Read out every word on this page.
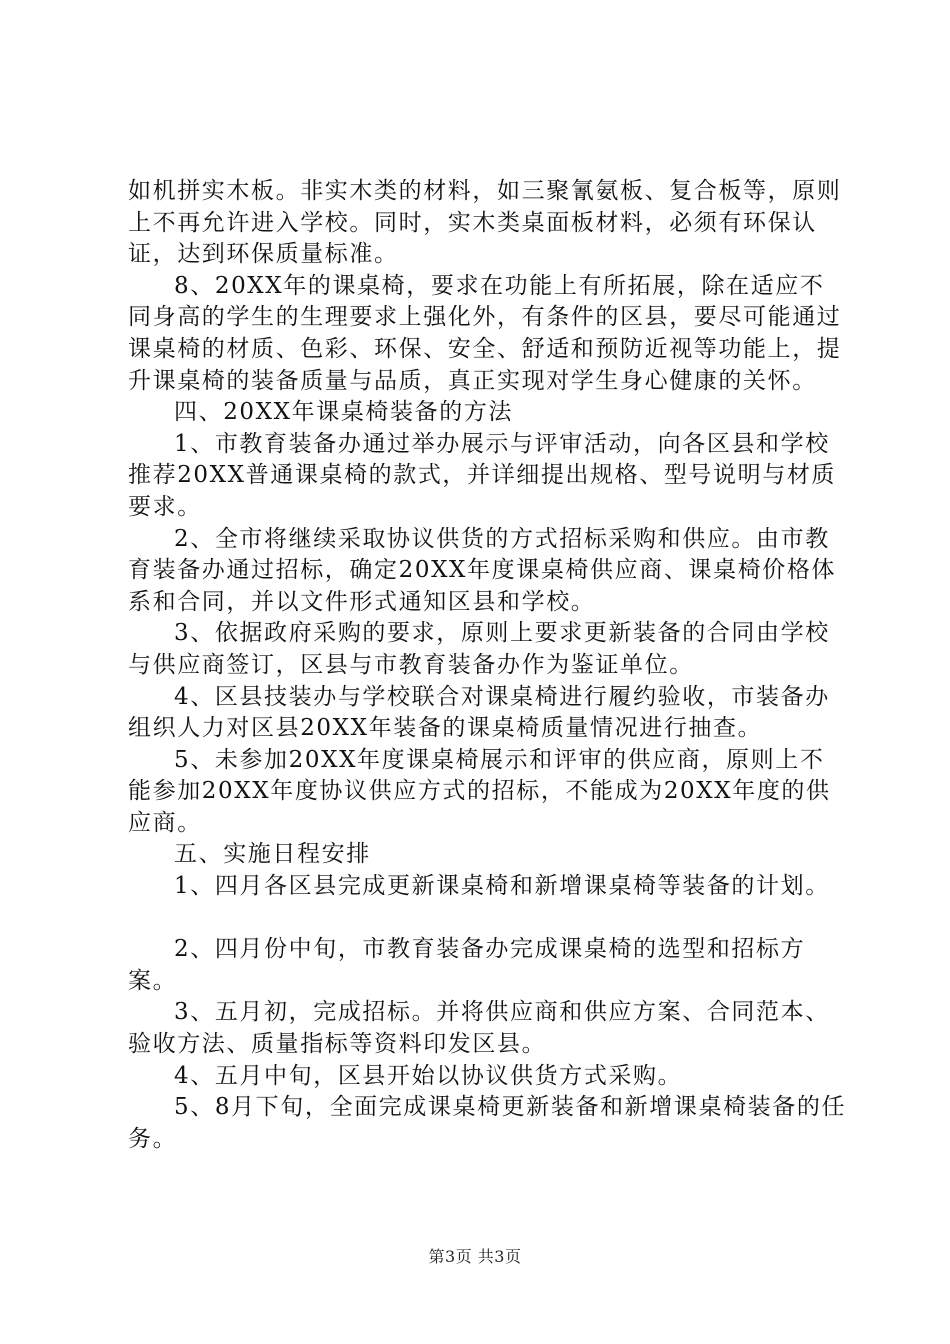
如机拼实木板。非实木类的材料，如三聚氰氨板、复合板等，原则上不再允许进入学校。同时，实木类桌面板材料，必须有环保认证，达到环保质量标准。

8、20XX年的课桌椅，要求在功能上有所拓展，除在适应不同身高的学生的生理要求上强化外，有条件的区县，要尽可能通过课桌椅的材质、色彩、环保、安全、舒适和预防近视等功能上，提升课桌椅的装备质量与品质，真正实现对学生身心健康的关怀。

四、20XX年课桌椅装备的方法

1、市教育装备办通过举办展示与评审活动，向各区县和学校推荐20XX普通课桌椅的款式，并详细提出规格、型号说明与材质要求。

2、全市将继续采取协议供货的方式招标采购和供应。由市教育装备办通过招标，确定20XX年度课桌椅供应商、课桌椅价格体系和合同，并以文件形式通知区县和学校。

3、依据政府采购的要求，原则上要求更新装备的合同由学校与供应商签订，区县与市教育装备办作为鉴证单位。

4、区县技装办与学校联合对课桌椅进行履约验收，市装备办组织人力对区县20XX年装备的课桌椅质量情况进行抽查。

5、未参加20XX年度课桌椅展示和评审的供应商，原则上不能参加20XX年度协议供应方式的招标，不能成为20XX年度的供应商。

五、实施日程安排

1、四月各区县完成更新课桌椅和新增课桌椅等装备的计划。

2、四月份中旬，市教育装备办完成课桌椅的选型和招标方案。

3、五月初，完成招标。并将供应商和供应方案、合同范本、验收方法、质量指标等资料印发区县。

4、五月中旬，区县开始以协议供货方式采购。

5、8月下旬，全面完成课桌椅更新装备和新增课桌椅装备的任务。

第3页 共3页
